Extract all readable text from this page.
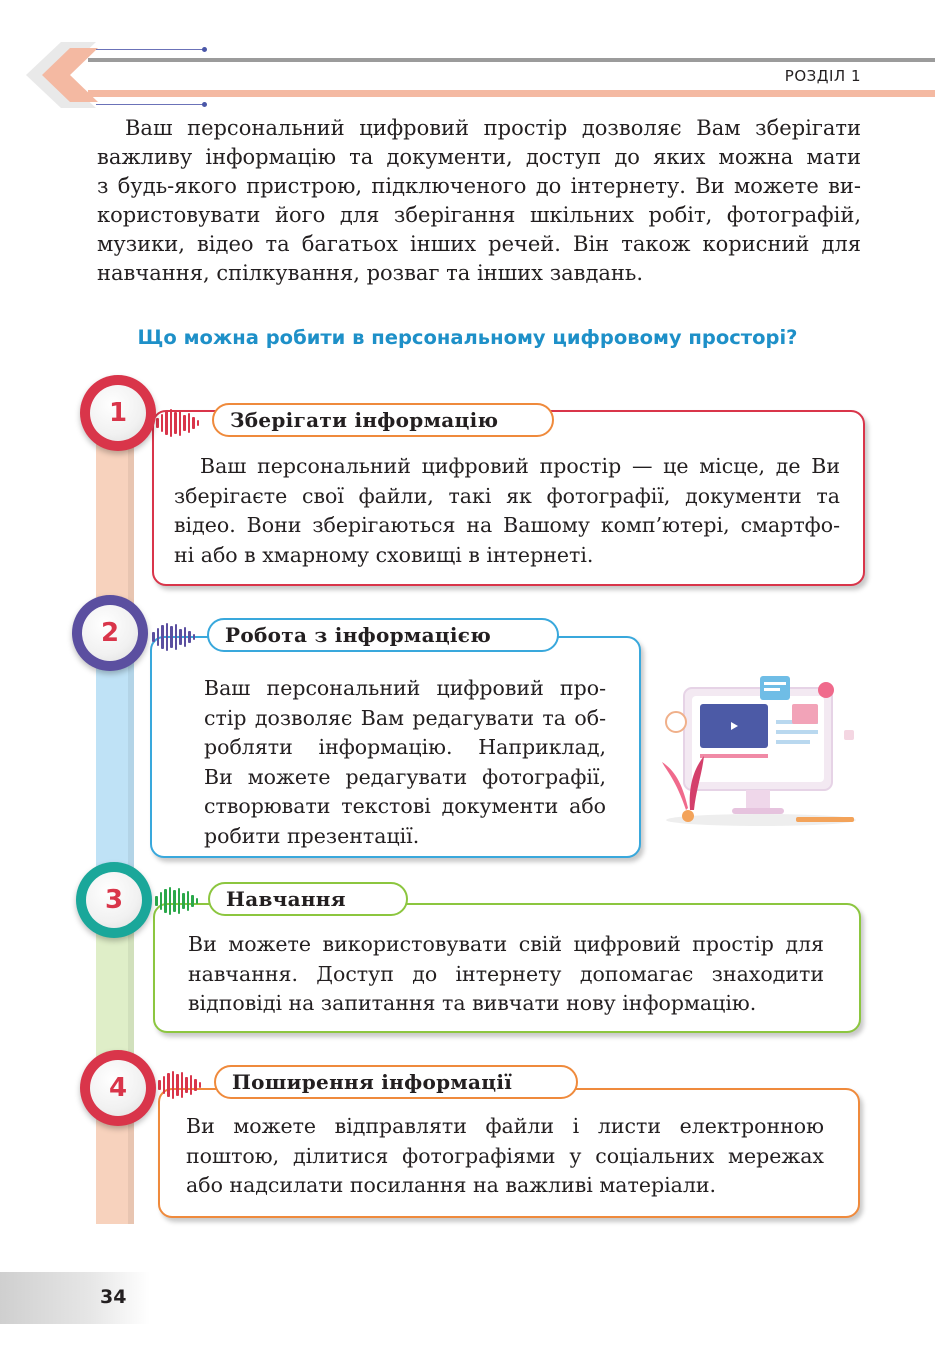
РОЗДІЛ 1
Ваш персональний цифровий простір дозволяє Вам зберігати
важливу інформацію та документи, доступ до яких можна мати
з будь-якого пристрою, підключеного до інтернету. Ви можете ви-
користовувати його для зберігання шкільних робіт, фотографій,
музики, відео та багатьох інших речей. Він також корисний для
навчання, спілкування, розваг та інших завдань.
Що можна робити в персональному цифровому просторі?
Зберігати інформацію
1
Ваш персональний цифровий простір — це місце, де Ви
зберігаєте свої файли, такі як фотографії, документи та
відео. Вони зберігаються на Вашому комп’ютері, смартфо-
ні або в хмарному сховищі в інтернеті.
Робота з інформацією
2
Ваш персональний цифровий про-
стір дозволяє Вам редагувати та об-
робляти інформацію. Наприклад,
Ви можете редагувати фотографії,
створювати текстові документи або
робити презентації.
Навчання
3
Ви можете використовувати свій цифровий простір для
навчання. Доступ до інтернету допомагає знаходити
відповіді на запитання та вивчати нову інформацію.
Поширення інформації
4
Ви можете відправляти файли і листи електронною
поштою, ділитися фотографіями у соціальних мережах
або надсилати посилання на важливі матеріали.
34
